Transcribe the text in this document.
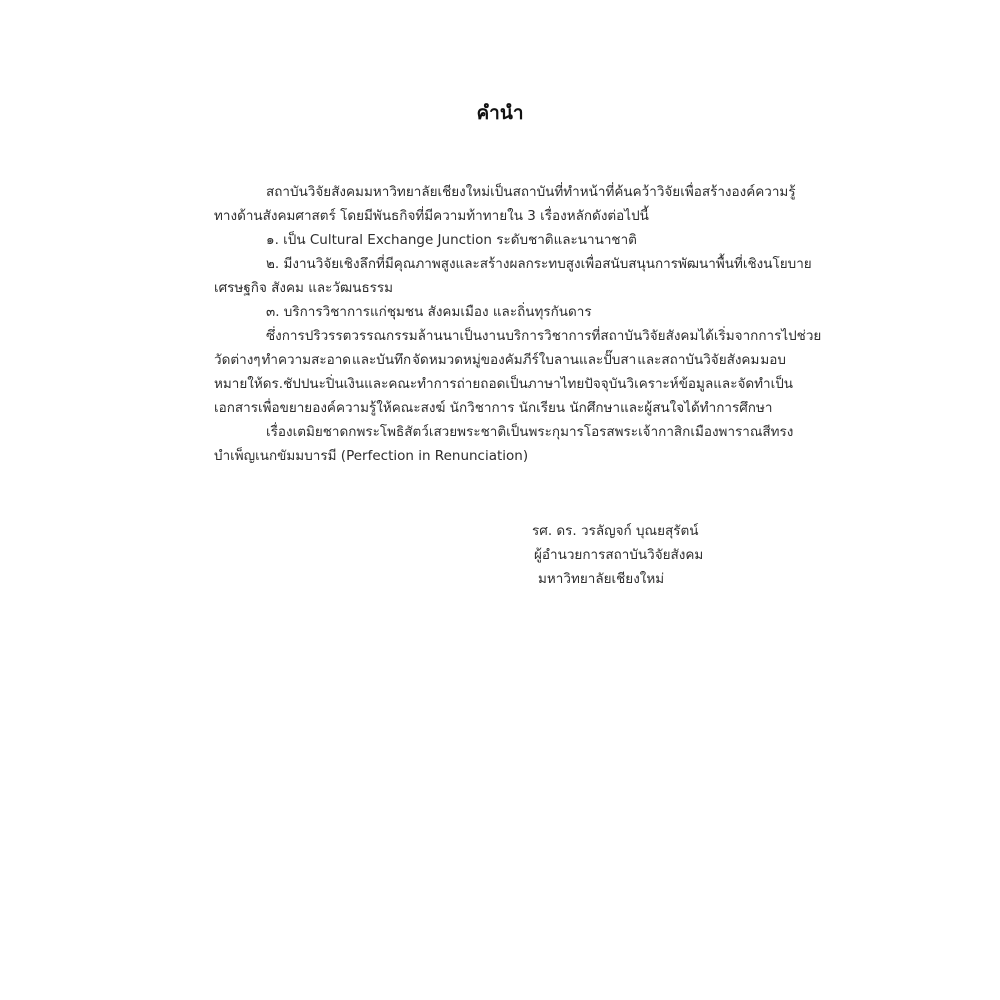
คำนำ
สถาบันวิจัยสังคม มหาวิทยาลัยเชียงใหม่ เป็นสถาบันที่ทำหน้าที่ค้นคว้า วิจัย เพื่อสร้างองค์ความรู้
ทางด้านสังคมศาสตร์ โดยมีพันธกิจที่มีความท้าทายใน 3 เรื่องหลักดังต่อไปนี้
๑. เป็น Cultural Exchange Junction ระดับชาติและนานาชาติ
๒. มีงานวิจัยเชิงลึกที่มีคุณภาพสูงและสร้างผลกระทบสูงเพื่อสนับสนุนการพัฒนาพื้นที่เชิงนโยบาย
เศรษฐกิจ สังคม และวัฒนธรรม
๓. บริการวิชาการแก่ชุมชน สังคมเมือง และถิ่นทุรกันดาร
ซึ่งการปริวรรตวรรณกรรมล้านนา เป็นงานบริการวิชาการที่สถาบันวิจัยสังคมได้เริ่มจากการ ไปช่วย
วัดต่างๆ ทำความสะอาด และบันทึก จัดหมวดหมู่ของคัมภีร์ใบลานและปั๊บสา และสถาบันวิจัยสังคม มอบ
หมายให้ ดร. ชัปปนะ ปิ่นเงิน และคณะ ทำการถ่ายถอดเป็นภาษาไทยปัจจุบัน วิเคราะห์ข้อมูลและจัดทำเป็น
เอกสารเพื่อขยายองค์ความรู้ให้คณะสงฆ์ นักวิชาการ นักเรียน นักศึกษาและผู้สนใจได้ทำการศึกษา
เรื่อง เตมิยชาดก พระโพธิสัตว์เสวยพระชาติเป็นพระกุมาร โอรสพระเจ้ากาสิก เมืองพาราณสี ทรง
บำเพ็ญเนกขัมมบารมี (Perfection in Renunciation)
รศ. ดร. วรลัญจก์ บุณยสุรัตน์
ผู้อำนวยการสถาบันวิจัยสังคม
มหาวิทยาลัยเชียงใหม่
